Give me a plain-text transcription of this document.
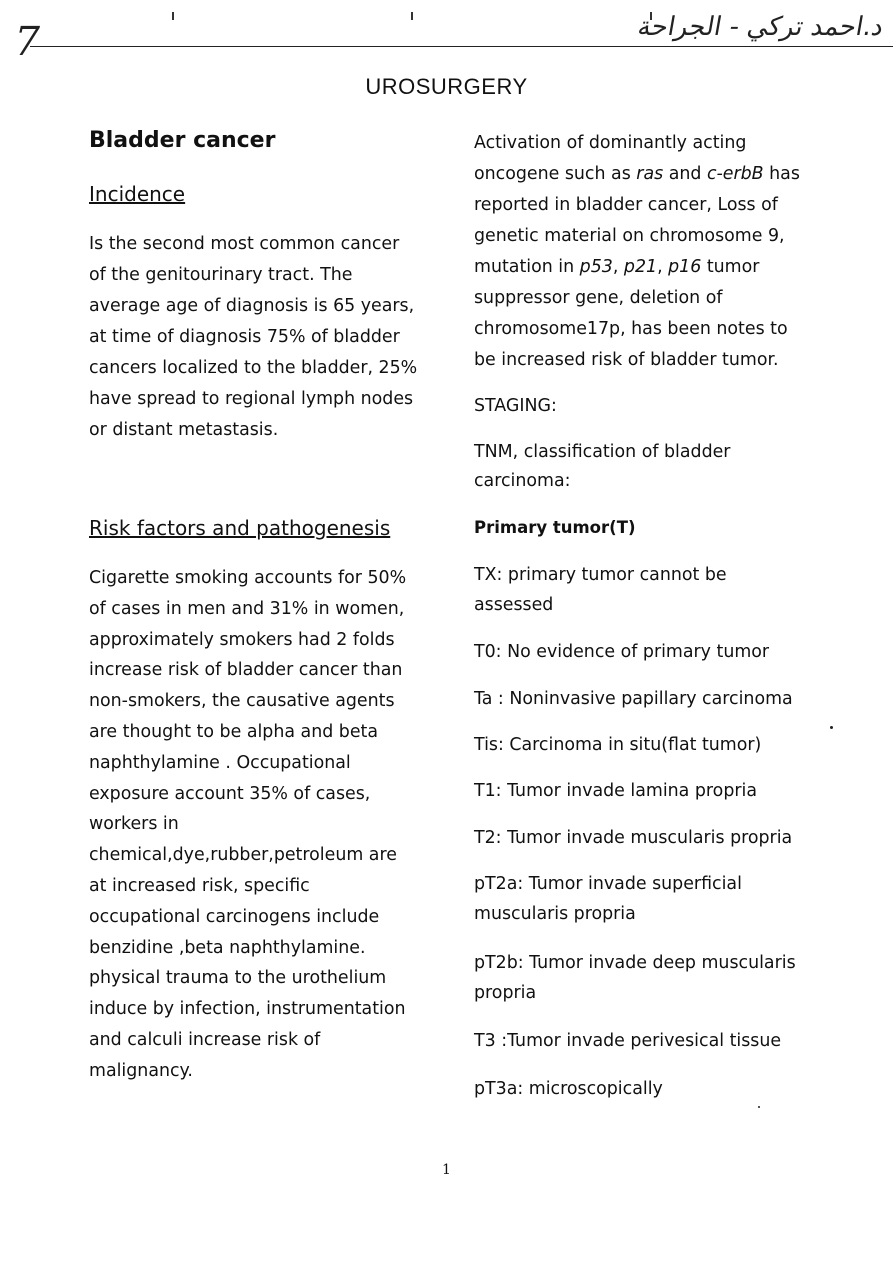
7	د.احمد تركي - الجراحة
UROSURGERY
Bladder cancer
Incidence
Is the second most common cancer
of the genitourinary tract. The
average age of diagnosis is 65 years,
at time of diagnosis 75% of bladder
cancers localized to the bladder, 25%
have spread to regional lymph nodes
or distant metastasis.
Risk factors and pathogenesis
Cigarette smoking accounts for 50%
of cases in men and 31% in women,
approximately smokers had 2 folds
increase risk of bladder cancer than
non-smokers, the causative agents
are thought to be alpha and beta
naphthylamine . Occupational
exposure account 35% of cases,
workers in
chemical,dye,rubber,petroleum are
at increased risk, specific
occupational carcinogens include
benzidine ,beta naphthylamine.
physical trauma to the urothelium
induce by infection, instrumentation
and calculi increase risk of
malignancy.
Activation of dominantly acting
oncogene such as ras and c-erbB has
reported in bladder cancer, Loss of
genetic material on chromosome 9,
mutation in p53, p21, p16 tumor
suppressor gene, deletion of
chromosome17p, has been notes to
be increased risk of bladder tumor.
STAGING:
TNM, classification of bladder
carcinoma:
Primary tumor(T)
TX: primary tumor cannot be
assessed
T0: No evidence of primary tumor
Ta : Noninvasive papillary carcinoma
Tis: Carcinoma in situ(flat tumor)
T1: Tumor invade lamina propria
T2: Tumor invade muscularis propria
pT2a: Tumor invade superficial
muscularis propria
pT2b: Tumor invade deep muscularis
propria
T3 :Tumor invade perivesical tissue
pT3a: microscopically
1
